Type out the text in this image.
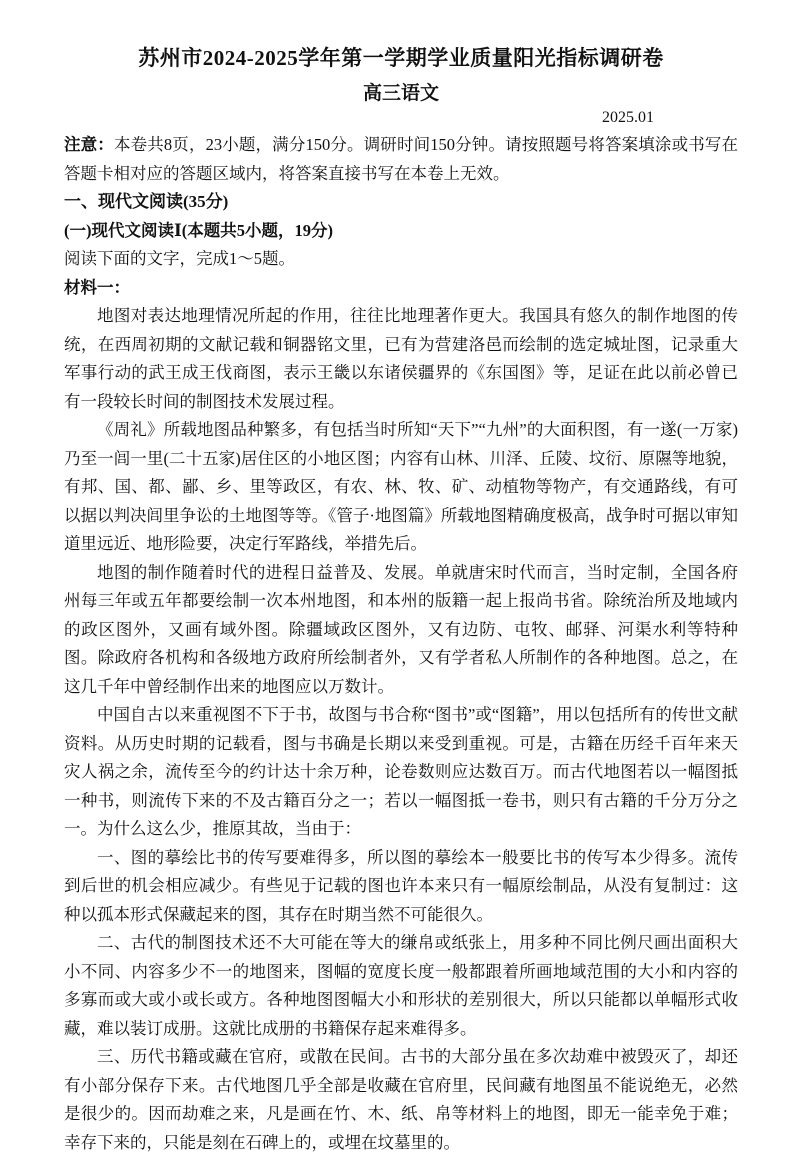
苏州市2024-2025学年第一学期学业质量阳光指标调研卷
高三语文
2025.01

注意：本卷共8页，23小题，满分150分。调研时间150分钟。请按照题号将答案填涂或书写在答题卡相对应的答题区域内，将答案直接书写在本卷上无效。

一、现代文阅读(35分)
(一)现代文阅读Ⅰ(本题共5小题，19分)

阅读下面的文字，完成1～5题。

材料一：

地图对表达地理情况所起的作用，往往比地理著作更大。我国具有悠久的制作地图的传统，在西周初期的文献记载和铜器铭文里，已有为营建洛邑而绘制的选定城址图，记录重大军事行动的武王成王伐商图，表示王畿以东诸侯疆界的《东国图》等，足证在此以前必曾已有一段较长时间的制图技术发展过程。

《周礼》所载地图品种繁多，有包括当时所知“天下”“九州”的大面积图，有一遂(一万家)乃至一闾一里(二十五家)居住区的小地区图；内容有山林、川泽、丘陵、坟衍、原隰等地貌，有邦、国、都、鄙、乡、里等政区，有农、林、牧、矿、动植物等物产，有交通路线，有可以据以判决闾里争讼的土地图等等。《管子·地图篇》所载地图精确度极高，战争时可据以审知道里远近、地形险要，决定行军路线，举措先后。

地图的制作随着时代的进程日益普及、发展。单就唐宋时代而言，当时定制，全国各府州每三年或五年都要绘制一次本州地图，和本州的版籍一起上报尚书省。除统治所及地域内的政区图外，又画有域外图。除疆域政区图外，又有边防、屯牧、邮驿、河渠水利等特种图。除政府各机构和各级地方政府所绘制者外，又有学者私人所制作的各种地图。总之，在这几千年中曾经制作出来的地图应以万数计。

中国自古以来重视图不下于书，故图与书合称“图书”或“图籍”，用以包括所有的传世文献资料。从历史时期的记载看，图与书确是长期以来受到重视。可是，古籍在历经千百年来天灾人祸之余，流传至今的约计达十余万种，论卷数则应达数百万。而古代地图若以一幅图抵一种书，则流传下来的不及古籍百分之一；若以一幅图抵一卷书，则只有古籍的千分万分之一。为什么这么少，推原其故，当由于：

一、图的摹绘比书的传写要难得多，所以图的摹绘本一般要比书的传写本少得多。流传到后世的机会相应减少。有些见于记载的图也许本来只有一幅原绘制品，从没有复制过：这种以孤本形式保藏起来的图，其存在时期当然不可能很久。

二、古代的制图技术还不大可能在等大的缣帛或纸张上，用多种不同比例尺画出面积大小不同、内容多少不一的地图来，图幅的宽度长度一般都跟着所画地域范围的大小和内容的多寡而或大或小或长或方。各种地图图幅大小和形状的差别很大，所以只能都以单幅形式收藏，难以装订成册。这就比成册的书籍保存起来难得多。

三、历代书籍或藏在官府，或散在民间。古书的大部分虽在多次劫难中被毁灭了，却还有小部分保存下来。古代地图几乎全部是收藏在官府里，民间藏有地图虽不能说绝无，必然是很少的。因而劫难之来，凡是画在竹、木、纸、帛等材料上的地图，即无一能幸免于难；幸存下来的，只能是刻在石碑上的，或埋在坟墓里的。
